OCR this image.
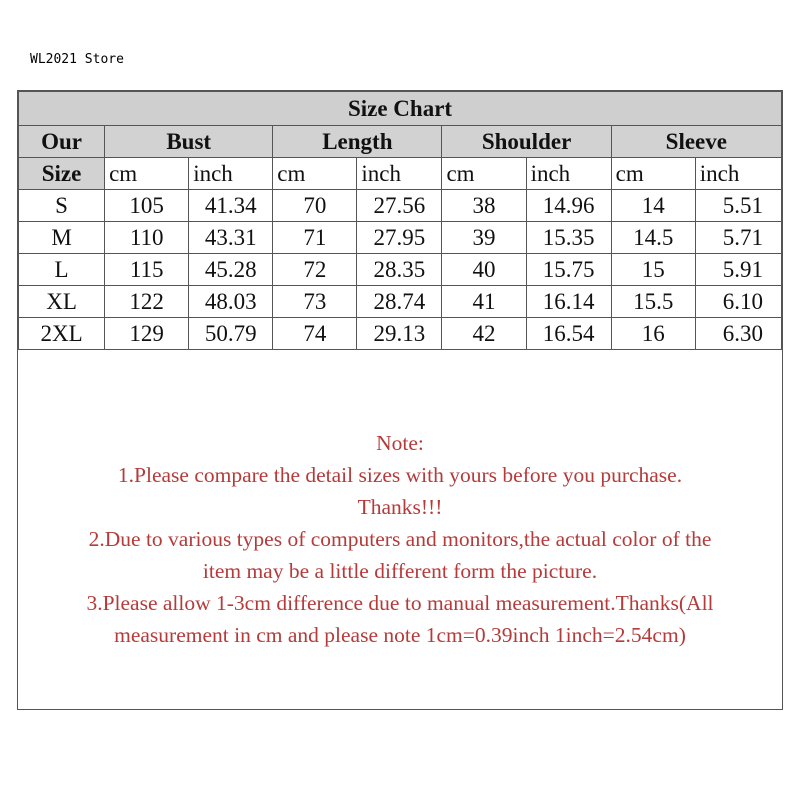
WL2021 Store
Size Chart								
Our	Bust		Length		Shoulder		Sleeve	
Size	cm	inch	cm	inch	cm	inch	cm	inch
S	105	41.34	70	27.56	38	14.96	14	5.51
M	110	43.31	71	27.95	39	15.35	14.5	5.71
L	115	45.28	72	28.35	40	15.75	15	5.91
XL	122	48.03	73	28.74	41	16.14	15.5	6.10
2XL	129	50.79	74	29.13	42	16.54	16	6.30
Note:
1.Please compare the detail sizes with yours before you purchase.
Thanks!!!
2.Due to various types of computers and monitors,the actual color of the
item may be a little different form the picture.
3.Please allow 1-3cm difference due to manual measurement.Thanks(All
measurement in cm and please note 1cm=0.39inch 1inch=2.54cm)
